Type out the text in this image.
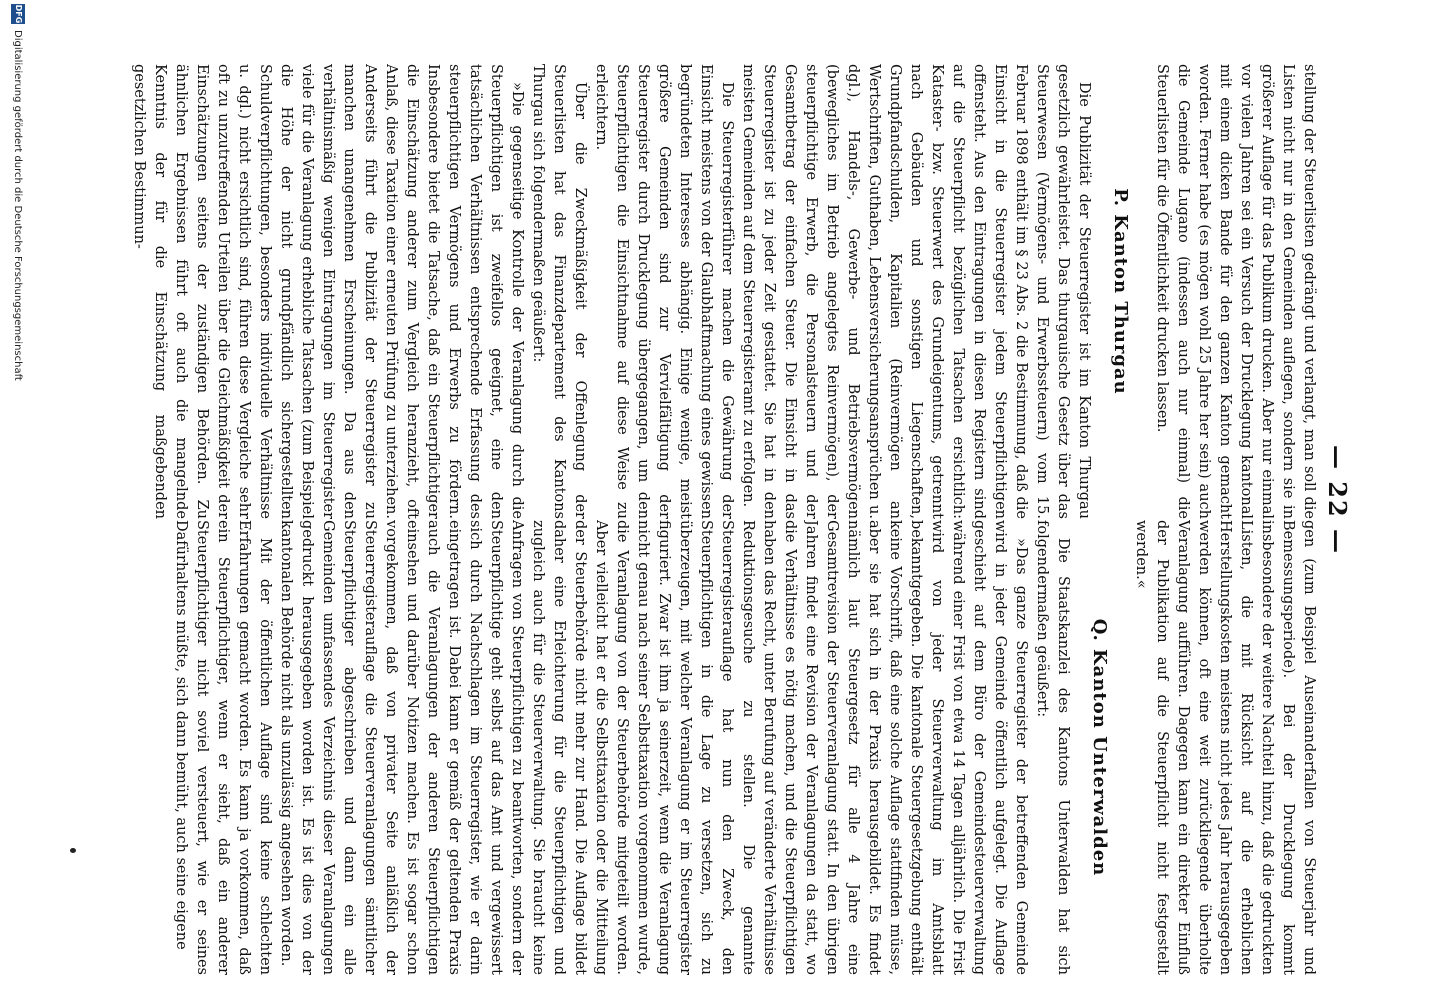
— 22 —

stellung der Steuerlisten gedrängt und verlangt, man soll die Listen nicht nur in den Gemeinden auflegen, sondern sie in größerer Auflage für das Publikum drucken. Aber nur einmal vor vielen Jahren sei ein Versuch der Drucklegung kantonal mit einem dicken Bande für den ganzen Kanton gemacht worden. Ferner habe (es mögen wohl 25 Jahre her sein) auch die Gemeinde Lugano (indessen auch nur einmal) die Steuerlisten für die Öffentlichkeit drucken lassen.

P. Kanton Thurgau

Die Publizität der Steuerregister ist im Kanton Thurgau gesetzlich gewährleistet. Das thurgauische Gesetz über das Steuerwesen (Vermögens- und Erwerbssteuern) vom 15. Februar 1898 enthält im § 23 Abs. 2 die Bestimmung, daß die Einsicht in die Steuerregister jedem Steuerpflichtigen offensteht. Aus den Eintragungen in diesen Registern sind auf die Steuerpflicht bezüglichen Tatsachen ersichtlich: Kataster- bzw. Steuerwert des Grundeigentums, getrennt nach Gebäuden und sonstigen Liegenschaften, Grundpfandschulden, Kapitalien (Reinvermögen an Wertschriften, Guthaben, Lebensversicherungsansprüchen u. dgl.), Handels-, Gewerbe- und Betriebsvermögen (bewegliches im Betrieb angelegtes Reinvermögen), der steuerpflichtige Erwerb, die Personalsteuern und der Gesamtbetrag der einfachen Steuer. Die Einsicht in das Steuerregister ist zu jeder Zeit gestattet. Sie hat in den meisten Gemeinden auf dem Steuerregisteramt zu erfolgen.

Die Steuerregisterführer machen die Gewährung der Einsicht meistens von der Glaubhaftmachung eines gewissen begründeten Interesses abhängig. Einige wenige, meist größere Gemeinden sind zur Vervielfältigung der Steuerregister durch Drucklegung übergegangen, um den Steuerpflichtigen die Einsichtnahme auf diese Weise zu erleichtern.

Über die Zweckmäßigkeit der Offenlegung der Steuerlisten hat das Finanzdepartement des Kantons Thurgau sich folgendermaßen geäußert:

»Die gegenseitige Kontrolle der Veranlagung durch die Steuerpflichtigen ist zweifellos geeignet, eine den tatsächlichen Verhältnissen entsprechende Erfassung des steuerpflichtigen Vermögens und Erwerbs zu fördern. Insbesondere bietet die Tatsache, daß ein Steuerpflichtiger die Einschätzung anderer zum Vergleich heranzieht, oft Anlaß, diese Taxation einer erneuten Prüfung zu unterziehen. Anderseits führt die Publizität der Steuerregister zu manchen unangenehmen Erscheinungen. Da aus den verhältnismäßig wenigen Eintragungen im Steuerregister viele für die Veranlagung erhebliche Tatsachen (zum Beispiel die Höhe der nicht grundpfändlich sichergestellten Schuldverpflichtungen, besonders individuelle Verhältnisse u. dgl.) nicht ersichtlich sind, führen diese Vergleiche sehr oft zu unzutreffenden Urteilen über die Gleichmäßigkeit der Einschätzungen seitens der zuständigen Behörden. Zu ähnlichen Ergebnissen führt oft auch die mangelnde Kenntnis der für die Einschätzung maßgebenden gesetzlichen Bestimmun-

gen (zum Beispiel Auseinanderfallen von Steuerjahr und Bemessungsperiode). Bei der Drucklegung kommt insbesondere der weitere Nachteil hinzu, daß die gedruckten Listen, die mit Rücksicht auf die erheblichen Herstellungskosten meistens nicht jedes Jahr herausgegeben werden können, oft eine weit zurückliegende überholte Veranlagung aufführen. Dagegen kann ein direkter Einfluß der Publikation auf die Steuerpflicht nicht festgestellt werden.«

Q. Kanton Unterwalden

Die Staatskanzlei des Kantons Unterwalden hat sich folgendermaßen geäußert:

»Das ganze Steuerregister der betreffenden Gemeinde wird in jeder Gemeinde öffentlich aufgelegt. Die Auflage geschieht auf dem Büro der Gemeindesteuerverwaltung während einer Frist von etwa 14 Tagen alljährlich. Die Frist wird von jeder Steuerverwaltung im Amtsblatt bekanntgegeben. Die kantonale Steuergesetzgebung enthält keine Vorschrift, daß eine solche Auflage stattfinden müsse, aber sie hat sich in der Praxis herausgebildet. Es findet nämlich laut Steuergesetz für alle 4 Jahre eine Gesamtrevision der Steuerveranlagung statt. In den übrigen Jahren findet eine Revision der Veranlagungen da statt, wo die Verhältnisse es nötig machen, und die Steuerpflichtigen haben das Recht, unter Berufung auf veränderte Verhältnisse Reduktionsgesuche zu stellen. Die genannte Steuerregisterauflage hat nun den Zweck, den Steuerpflichtigen in die Lage zu versetzen, sich zu überzeugen, mit welcher Veranlagung er im Steuerregister figuriert. Zwar ist ihm ja seinerzeit, wenn die Veranlagung nicht genau nach seiner Selbsttaxation vorgenommen wurde, die Veranlagung von der Steuerbehörde mitgeteilt worden. Aber vielleicht hat er die Selbsttaxation oder die Mitteilung der Steuerbehörde nicht mehr zur Hand. Die Auflage bildet daher eine Erleichterung für die Steuerpflichtigen und zugleich auch für die Steuerverwaltung. Sie braucht keine Anfragen von Steuerpflichtigen zu beantworten, sondern der Steuerpflichtige geht selbst auf das Amt und vergewissert sich durch Nachschlagen im Steuerregister, wie er darin eingetragen ist. Dabei kann er gemäß der geltenden Praxis auch die Veranlagungen der anderen Steuerpflichtigen einsehen und darüber Notizen machen. Es ist sogar schon vorgekommen, daß von privater Seite anläßlich der Steuerregisterauflage die Steuerveranlagungen sämtlicher Steuerpflichtiger abgeschrieben und dann ein alle Gemeinden umfassendes Verzeichnis dieser Veranlagungen gedruckt herausgegeben worden ist. Es ist dies von der kantonalen Behörde nicht als unzulässig angesehen worden.

Mit der öffentlichen Auflage sind keine schlechten Erfahrungen gemacht worden. Es kann ja vorkommen, daß ein Steuerpflichtiger, wenn er sieht, daß ein anderer Steuerpflichtiger nicht soviel versteuert, wie er seines Dafürhaltens müßte, sich dann bemüht, auch seine eigene

DFG
Digitalisierung gefördert durch die Deutsche Forschungsgemeinschaft
